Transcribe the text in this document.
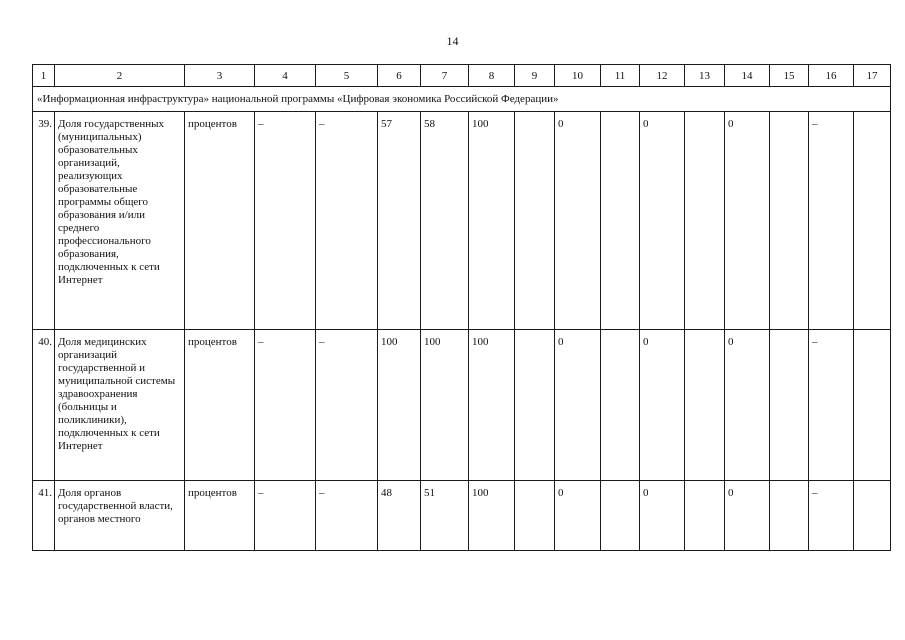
14
1	2	3	4	5	6	7	8	9	10	11	12	13	14	15	16	17
«Информационная инфраструктура» национальной программы «Цифровая экономика Российской Федерации»																
39.	Доля государственных (муниципальных) образовательных организаций, реализующих образовательные программы общего образования и/или среднего профессионального образования, подключенных к сети Интернет	процентов	–	–	57	58	100		0		0		0		–	
40.	Доля медицинских организаций государственной и муниципальной системы здравоохранения (больницы и поликлиники), подключенных к сети Интернет	процентов	–	–	100	100	100		0		0		0		–	
41.	Доля органов государственной власти, органов местного	процентов	–	–	48	51	100		0		0		0		–	
